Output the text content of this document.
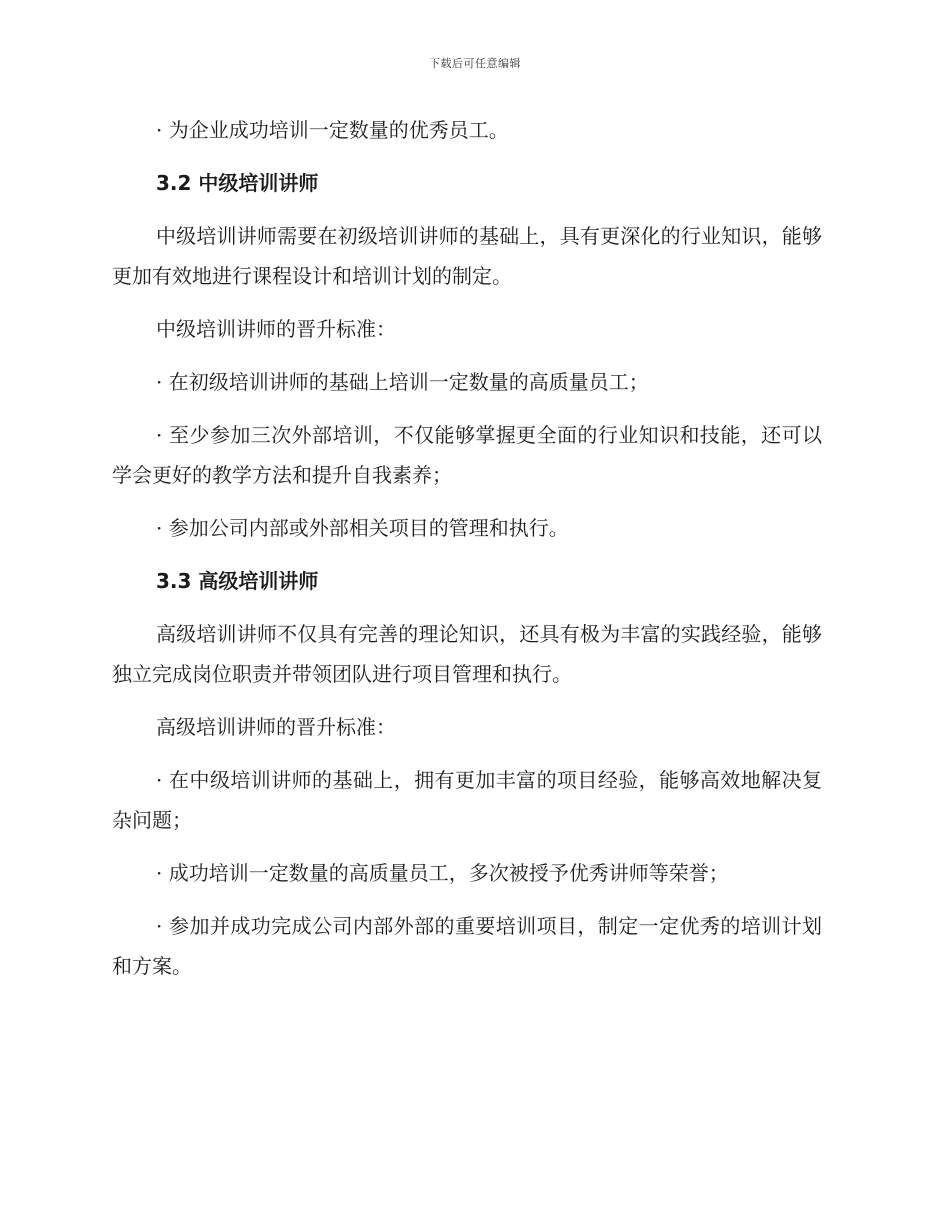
下载后可任意编辑

· 为企业成功培训一定数量的优秀员工。

3.2 中级培训讲师

中级培训讲师需要在初级培训讲师的基础上，具有更深化的行业知识，能够更加有效地进行课程设计和培训计划的制定。

中级培训讲师的晋升标准：

· 在初级培训讲师的基础上培训一定数量的高质量员工；

· 至少参加三次外部培训，不仅能够掌握更全面的行业知识和技能，还可以学会更好的教学方法和提升自我素养；

· 参加公司内部或外部相关项目的管理和执行。

3.3 高级培训讲师

高级培训讲师不仅具有完善的理论知识，还具有极为丰富的实践经验，能够独立完成岗位职责并带领团队进行项目管理和执行。

高级培训讲师的晋升标准：

· 在中级培训讲师的基础上，拥有更加丰富的项目经验，能够高效地解决复杂问题；

· 成功培训一定数量的高质量员工，多次被授予优秀讲师等荣誉；

· 参加并成功完成公司内部外部的重要培训项目，制定一定优秀的培训计划和方案。
